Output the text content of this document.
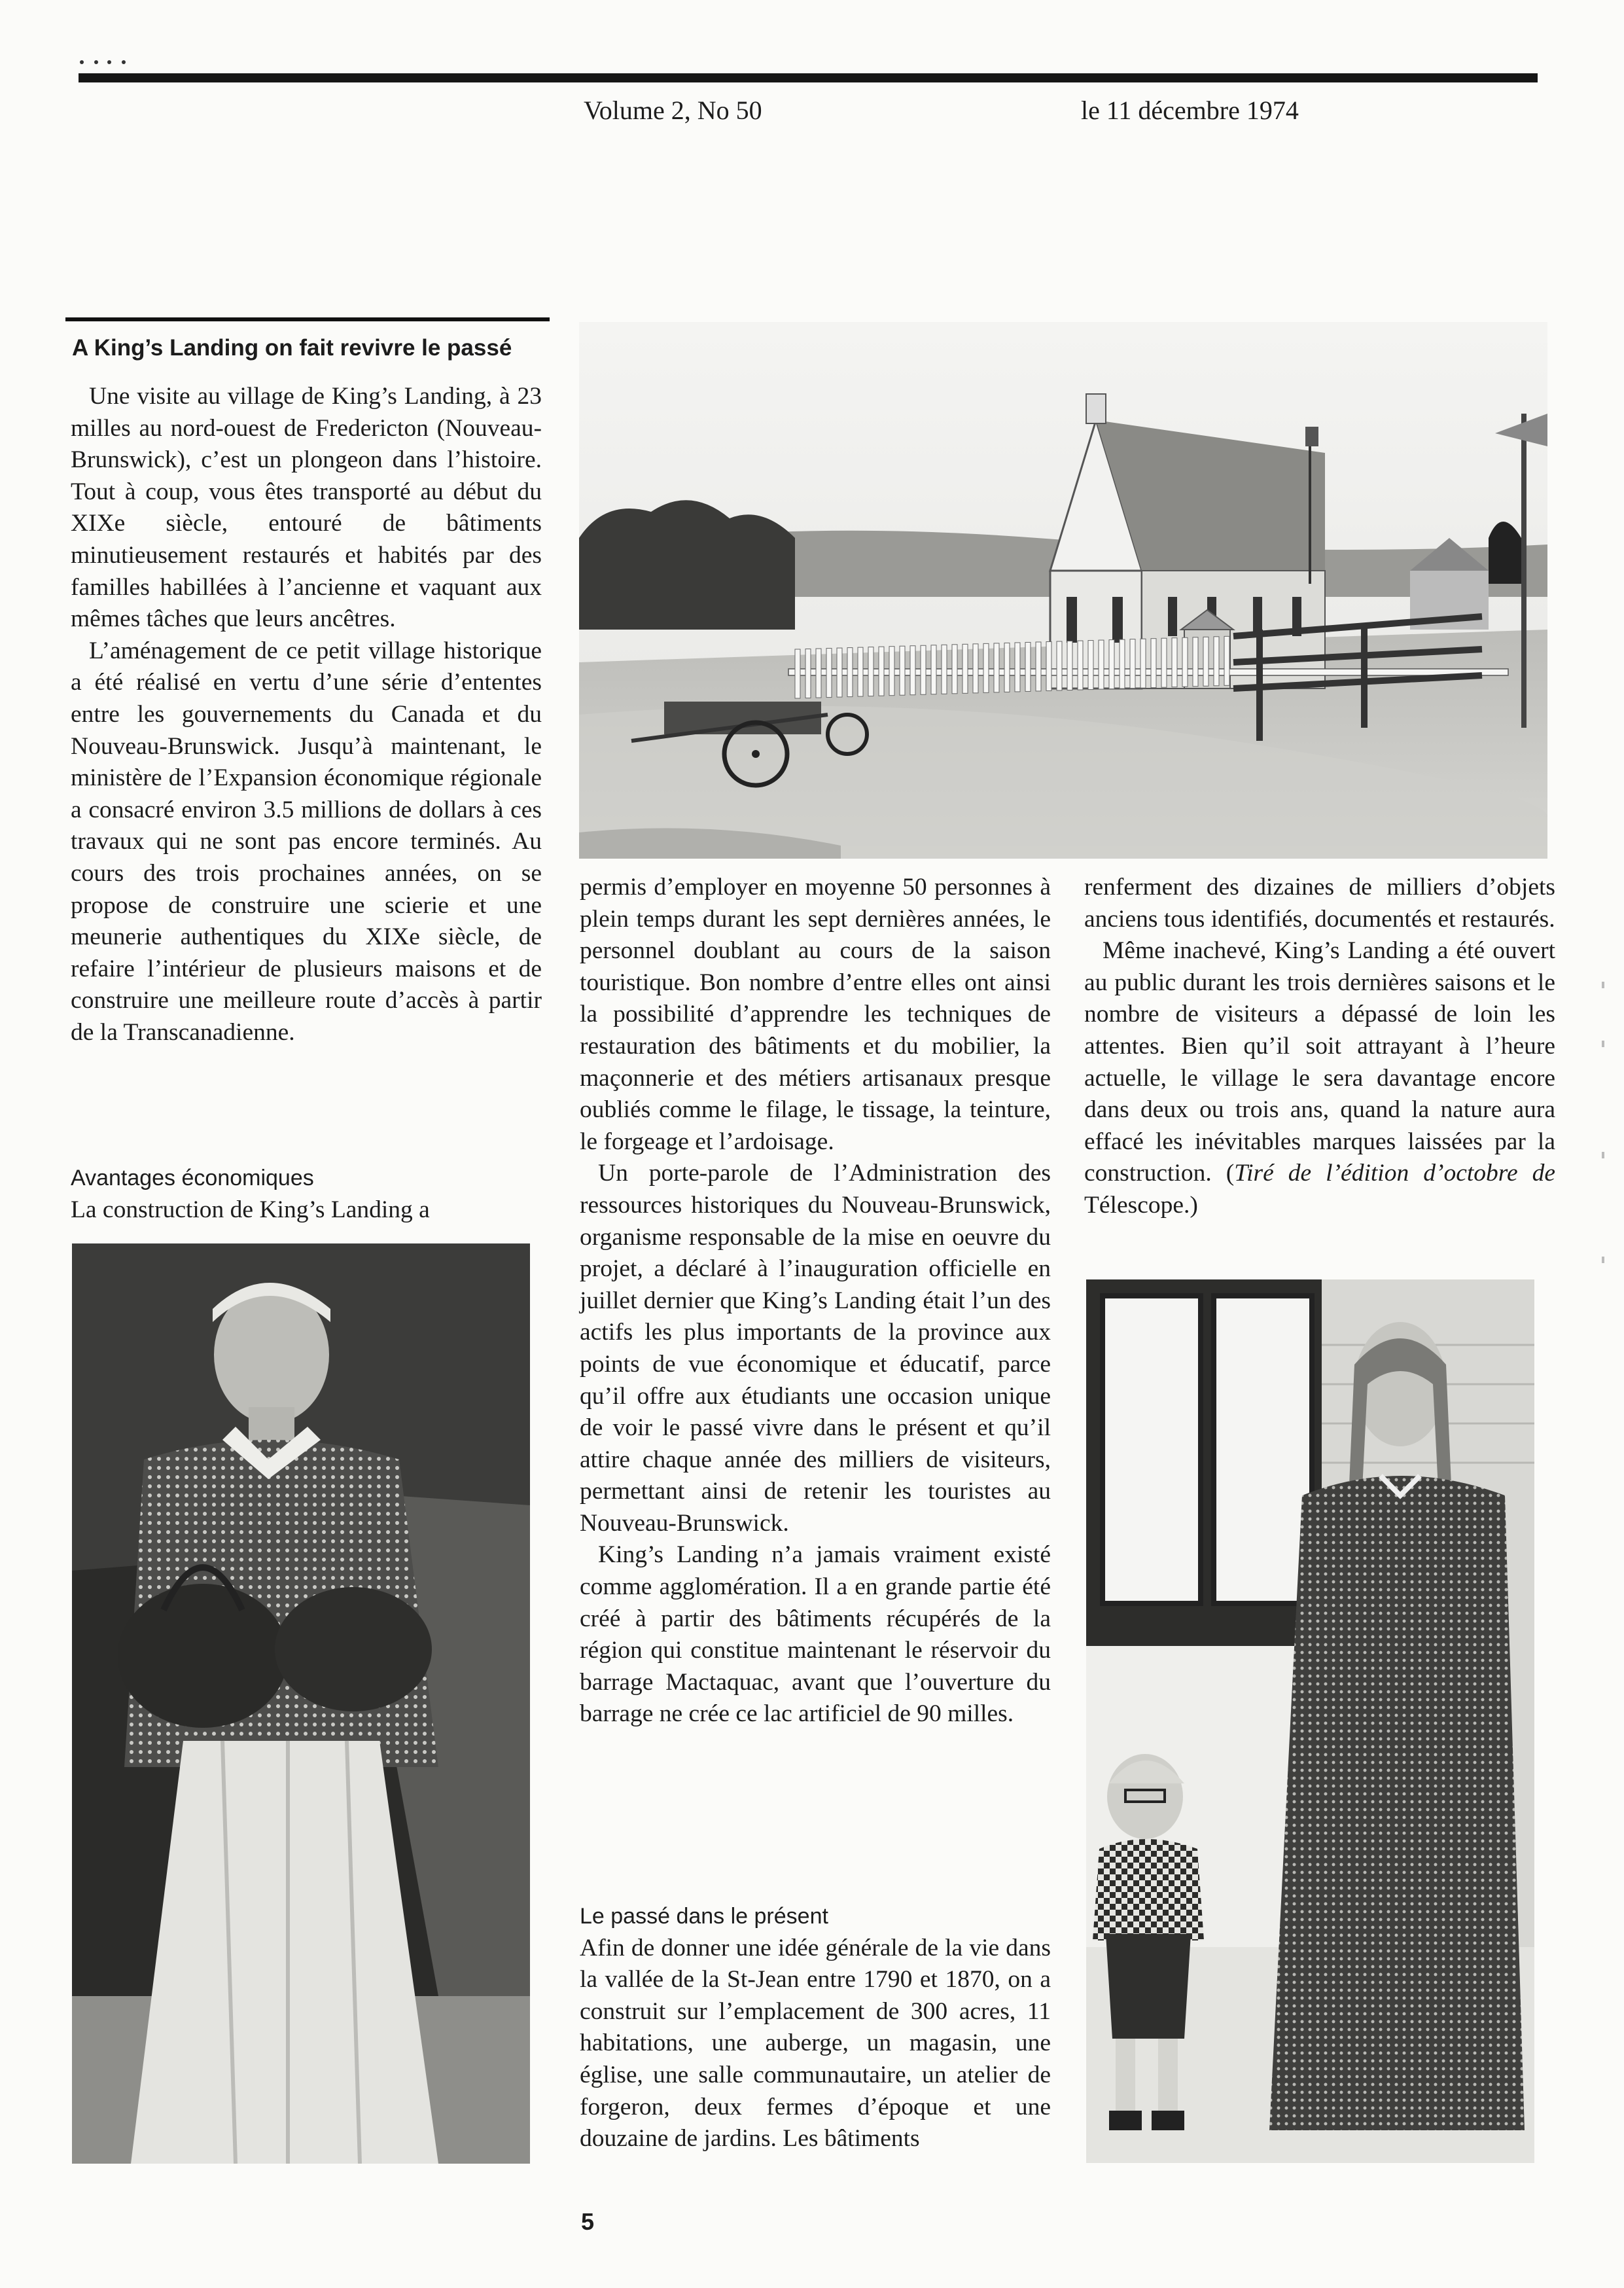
Volume 2, No 50	le 11 décembre 1974
A King’s Landing on fait revivre le passé

Une visite au village de King’s Landing, à 23 milles au nord-ouest de Fredericton (Nouveau-Brunswick), c’est un plongeon dans l’histoire. Tout à coup, vous êtes transporté au début du XIXe siècle, entouré de bâtiments minutieusement restaurés et habités par des familles habillées à l’ancienne et vaquant aux mêmes tâches que leurs ancêtres.

L’aménagement de ce petit village historique a été réalisé en vertu d’une série d’ententes entre les gouvernements du Canada et du Nouveau-Brunswick. Jusqu’à maintenant, le ministère de l’Expansion économique régionale a consacré environ 3.5 millions de dollars à ces travaux qui ne sont pas encore terminés. Au cours des trois prochaines années, on se propose de construire une scierie et une meunerie authentiques du XIXe siècle, de refaire l’intérieur de plusieurs maisons et de construire une meilleure route d’accès à partir de la Transcanadienne.

Avantages économiques

La construction de King’s Landing a

permis d’employer en moyenne 50 personnes à plein temps durant les sept dernières années, le personnel doublant au cours de la saison touristique. Bon nombre d’entre elles ont ainsi la possibilité d’apprendre les techniques de restauration des bâtiments et du mobilier, la maçonnerie et des métiers artisanaux presque oubliés comme le filage, le tissage, la teinture, le forgeage et l’ardoisage.

Un porte-parole de l’Administration des ressources historiques du Nouveau-Brunswick, organisme responsable de la mise en oeuvre du projet, a déclaré à l’inauguration officielle en juillet dernier que King’s Landing était l’un des actifs les plus importants de la province aux points de vue économique et éducatif, parce qu’il offre aux étudiants une occasion unique de voir le passé vivre dans le présent et qu’il attire chaque année des milliers de visiteurs, permettant ainsi de retenir les touristes au Nouveau-Brunswick.

King’s Landing n’a jamais vraiment existé comme agglomération. Il a en grande partie été créé à partir des bâtiments récupérés de la région qui constitue maintenant le réservoir du barrage Mactaquac, avant que l’ouverture du barrage ne crée ce lac artificiel de 90 milles.

Le passé dans le présent

Afin de donner une idée générale de la vie dans la vallée de la St-Jean entre 1790 et 1870, on a construit sur l’emplacement de 300 acres, 11 habitations, une auberge, un magasin, une église, une salle communautaire, un atelier de forgeron, deux fermes d’époque et une douzaine de jardins. Les bâtiments

renferment des dizaines de milliers d’objets anciens tous identifiés, documentés et restaurés.

Même inachevé, King’s Landing a été ouvert au public durant les trois dernières saisons et le nombre de visiteurs a dépassé de loin les attentes. Bien qu’il soit attrayant à l’heure actuelle, le village le sera davantage encore dans deux ou trois ans, quand la nature aura effacé les inévitables marques laissées par la construction. (Tiré de l’édition d’octobre de Télescope.)

5
